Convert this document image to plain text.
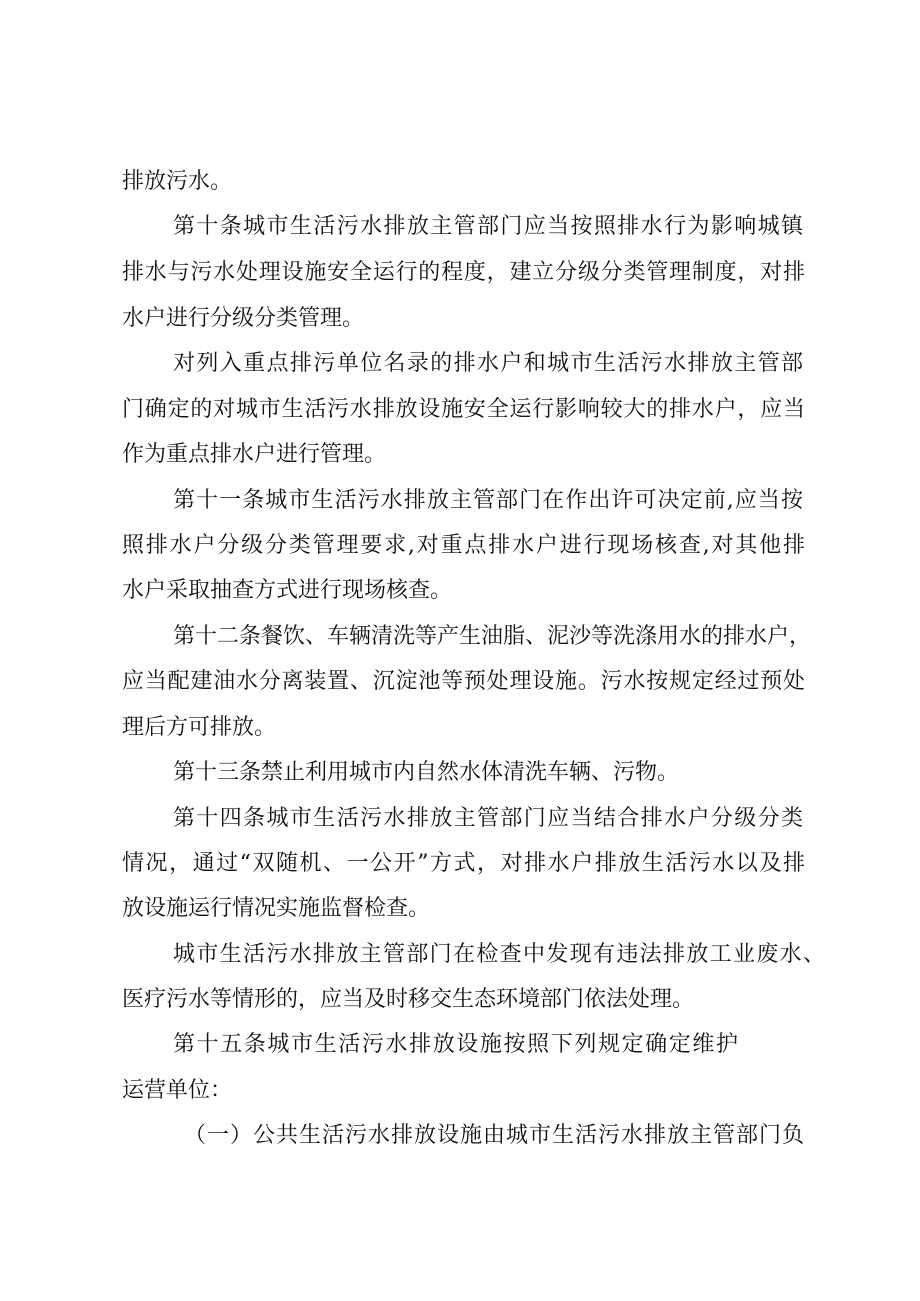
排放污水。

第十条城市生活污水排放主管部门应当按照排水行为影响城镇

排水与污水处理设施安全运行的程度，建立分级分类管理制度，对排

水户进行分级分类管理。

对列入重点排污单位名录的排水户和城市生活污水排放主管部

门确定的对城市生活污水排放设施安全运行影响较大的排水户，应当

作为重点排水户进行管理。

第十一条城市生活污水排放主管部门在作出许可决定前,应当按

照排水户分级分类管理要求,对重点排水户进行现场核查,对其他排

水户采取抽查方式进行现场核查。

第十二条餐饮、车辆清洗等产生油脂、泥沙等洗涤用水的排水户，

应当配建油水分离装置、沉淀池等预处理设施。污水按规定经过预处

理后方可排放。

第十三条禁止利用城市内自然水体清洗车辆、污物。

第十四条城市生活污水排放主管部门应当结合排水户分级分类

情况，通过“双随机、一公开”方式，对排水户排放生活污水以及排

放设施运行情况实施监督检查。

城市生活污水排放主管部门在检查中发现有违法排放工业废水、

医疗污水等情形的，应当及时移交生态环境部门依法处理。

第十五条城市生活污水排放设施按照下列规定确定维护

运营单位：

（一）公共生活污水排放设施由城市生活污水排放主管部门负
